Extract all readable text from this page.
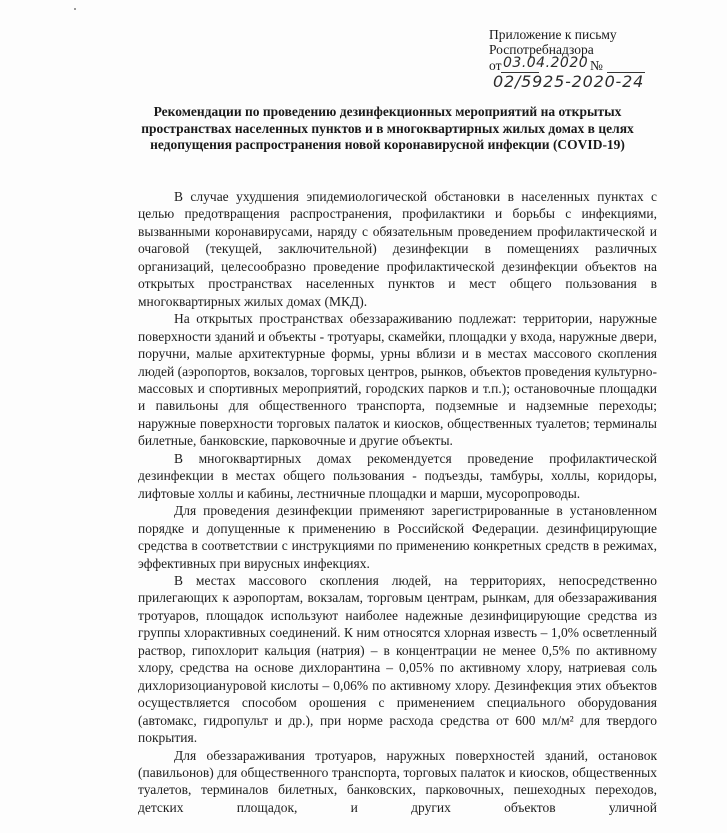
Приложение к письму
Роспотребнадзора
от 03.04.2020 №
02/5925-2020-24
Рекомендации по проведению дезинфекционных мероприятий на открытых пространствах населенных пунктов и в многоквартирных жилых домах в целях недопущения распространения новой коронавирусной инфекции (COVID-19)

В случае ухудшения эпидемиологической обстановки в населенных пунктах с целью предотвращения распространения, профилактики и борьбы с инфекциями, вызванными коронавирусами, наряду с обязательным проведением профилактической и очаговой (текущей, заключительной) дезинфекции в помещениях различных организаций, целесообразно проведение профилактической дезинфекции объектов на открытых пространствах населенных пунктов и мест общего пользования в многоквартирных жилых домах (МКД).

На открытых пространствах обеззараживанию подлежат: территории, наружные поверхности зданий и объекты - тротуары, скамейки, площадки у входа, наружные двери, поручни, малые архитектурные формы, урны вблизи и в местах массового скопления людей (аэропортов, вокзалов, торговых центров, рынков, объектов проведения культурно-массовых и спортивных мероприятий, городских парков и т.п.); остановочные площадки и павильоны для общественного транспорта, подземные и надземные переходы; наружные поверхности торговых палаток и киосков, общественных туалетов; терминалы билетные, банковские, парковочные и другие объекты.

В многоквартирных домах рекомендуется проведение профилактической дезинфекции в местах общего пользования - подъезды, тамбуры, холлы, коридоры, лифтовые холлы и кабины, лестничные площадки и марши, мусоропроводы.

Для проведения дезинфекции применяют зарегистрированные в установленном порядке и допущенные к применению в Российской Федерации. дезинфицирующие средства в соответствии с инструкциями по применению конкретных средств в режимах, эффективных при вирусных инфекциях.

В местах массового скопления людей, на территориях, непосредственно прилегающих к аэропортам, вокзалам, торговым центрам, рынкам, для обеззараживания тротуаров, площадок используют наиболее надежные дезинфицирующие средства из группы хлорактивных соединений. К ним относятся хлорная известь – 1,0% осветленный раствор, гипохлорит кальция (натрия) – в концентрации не менее 0,5% по активному хлору, средства на основе дихлорантина – 0,05% по активному хлору, натриевая соль дихлоризоциануровой кислоты – 0,06% по активному хлору. Дезинфекция этих объектов осуществляется способом орошения с применением специального оборудования (автомакс, гидропульт и др.), при норме расхода средства от 600 мл/м² для твердого покрытия.

Для обеззараживания тротуаров, наружных поверхностей зданий, остановок (павильонов) для общественного транспорта, торговых палаток и киосков, общественных туалетов, терминалов билетных, банковских, парковочных, пешеходных переходов, детских площадок, и других объектов уличной
